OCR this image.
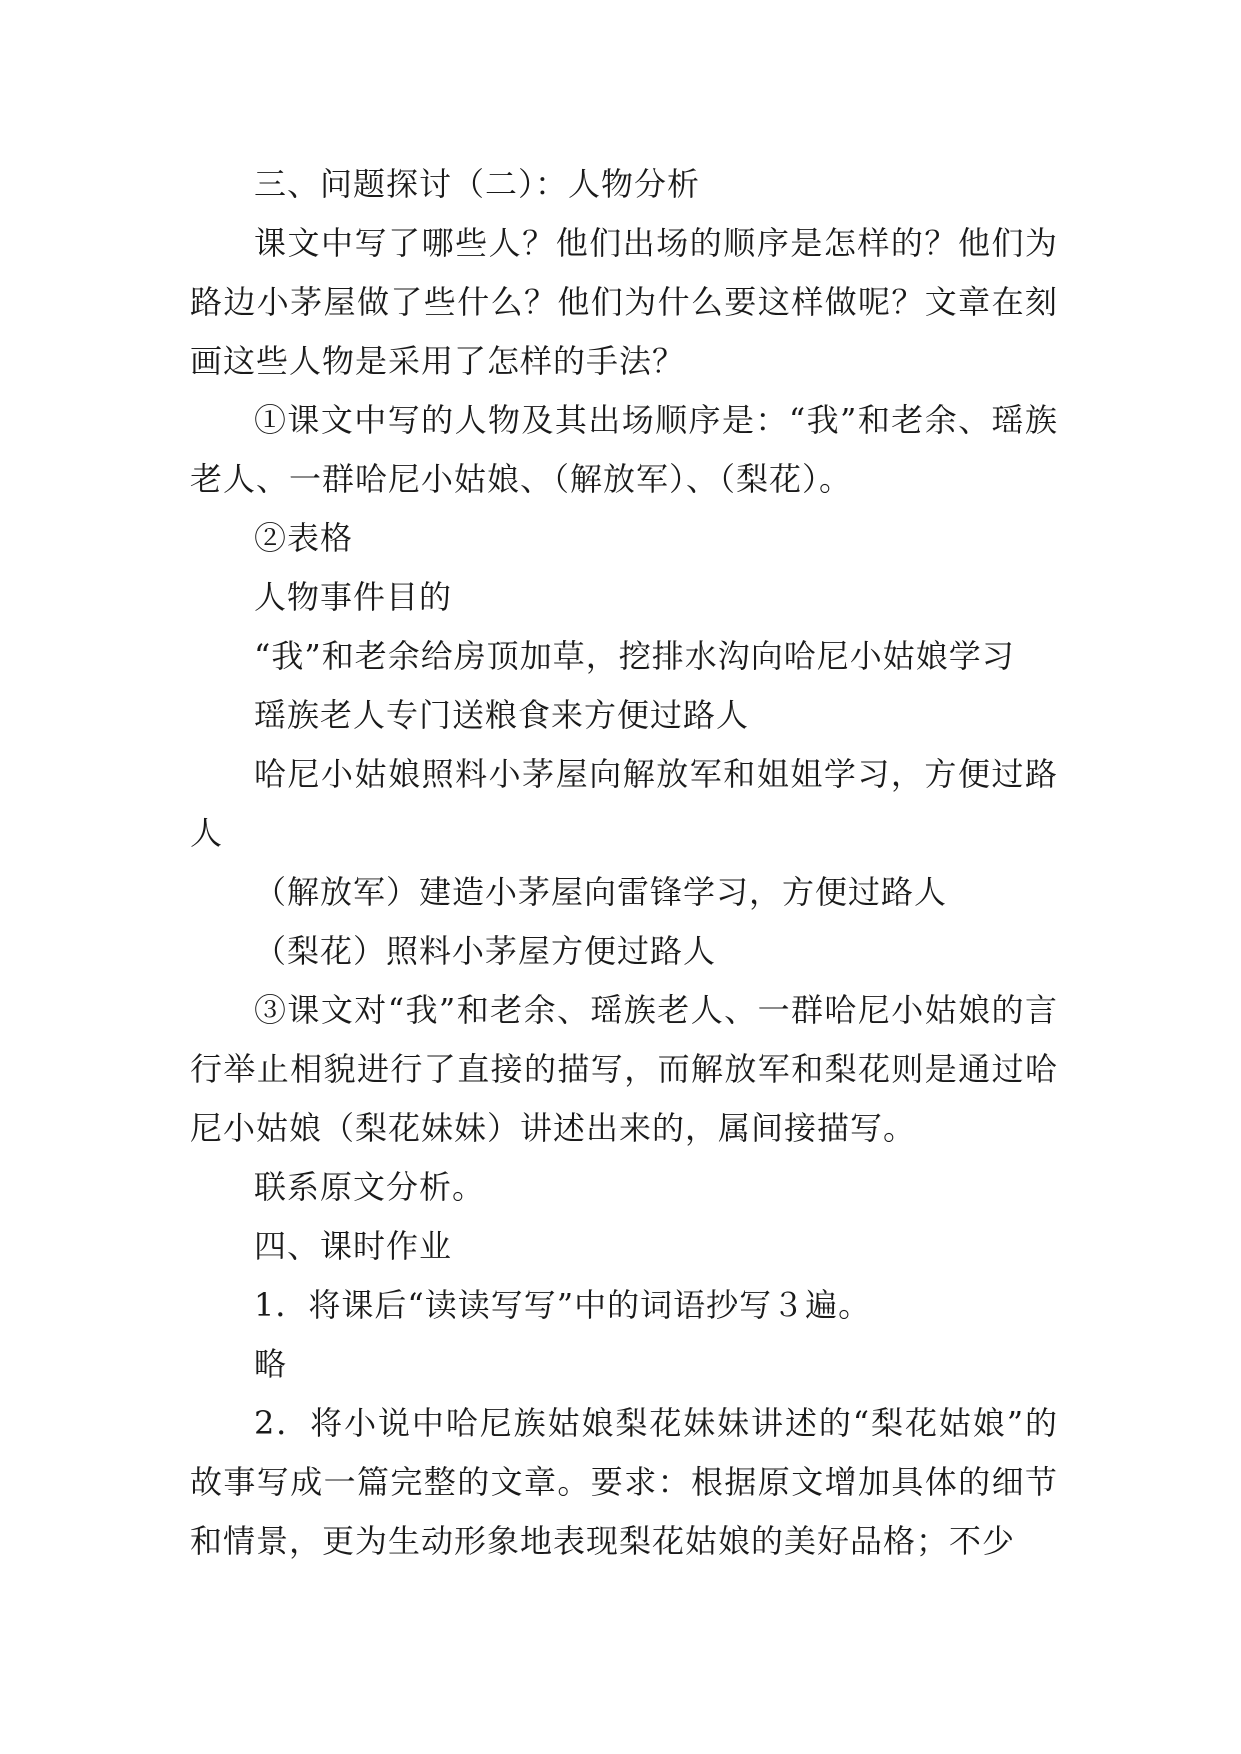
三、问题探讨（二）：人物分析

课文中写了哪些人？他们出场的顺序是怎样的？他们为路边小茅屋做了些什么？他们为什么要这样做呢？文章在刻画这些人物是采用了怎样的手法？

①课文中写的人物及其出场顺序是：“我”和老余、瑶族老人、一群哈尼小姑娘、（解放军）、（梨花）。

②表格

人物事件目的

“我”和老余给房顶加草，挖排水沟向哈尼小姑娘学习

瑶族老人专门送粮食来方便过路人

哈尼小姑娘照料小茅屋向解放军和姐姐学习，方便过路人

（解放军）建造小茅屋向雷锋学习，方便过路人

（梨花）照料小茅屋方便过路人

③课文对“我”和老余、瑶族老人、一群哈尼小姑娘的言行举止相貌进行了直接的描写，而解放军和梨花则是通过哈尼小姑娘（梨花妹妹）讲述出来的，属间接描写。

联系原文分析。

四、课时作业

1．将课后“读读写写”中的词语抄写３遍。

略

2．将小说中哈尼族姑娘梨花妹妹讲述的“梨花姑娘”的故事写成一篇完整的文章。要求：根据原文增加具体的细节和情景，更为生动形象地表现梨花姑娘的美好品格；不少
